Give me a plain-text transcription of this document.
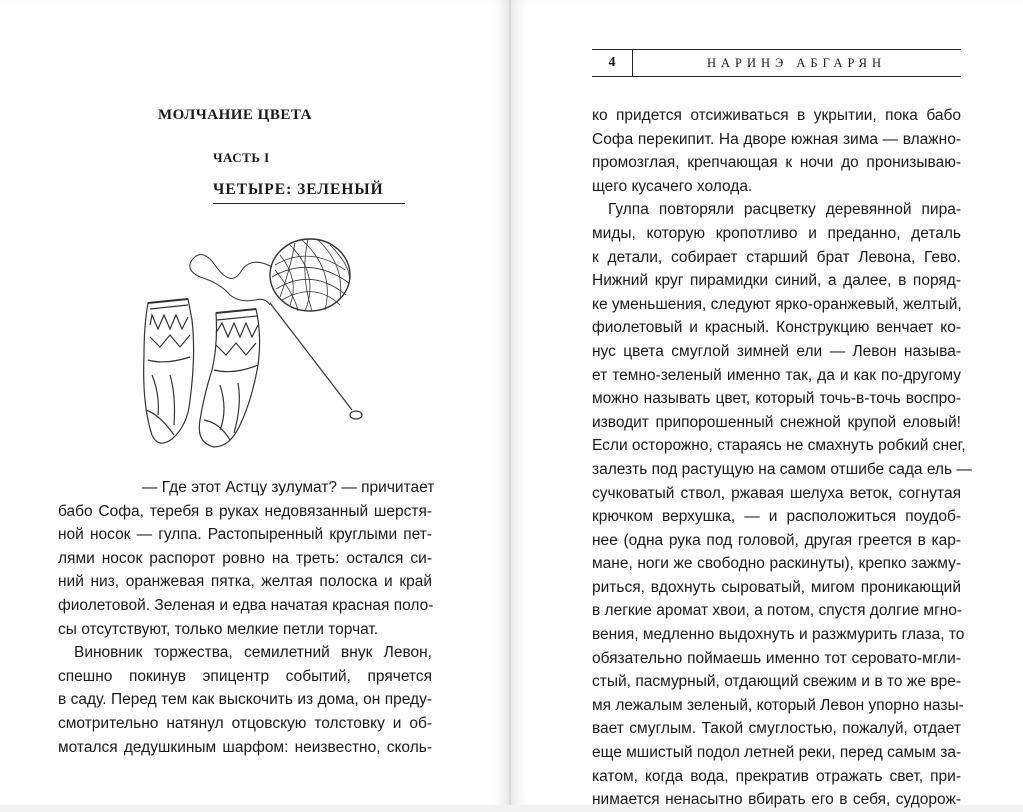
МОЛЧАНИЕ ЦВЕТА
ЧАСТЬ I
ЧЕТЫРЕ: ЗЕЛЕНЫЙ
— Где этот Астцу зулумат? — причитает
бабо Софа, теребя в руках недовязанный шерстя-
ной носок — гулпа. Растопыренный круглыми пет-
лями носок распорот ровно на треть: остался си-
ний низ, оранжевая пятка, желтая полоска и край
фиолетовой. Зеленая и едва начатая красная поло-
сы отсутствуют, только мелкие петли торчат.
Виновник торжества, семилетний внук Левон,
спешно покинув эпицентр событий, прячется
в саду. Перед тем как выскочить из дома, он преду-
смотрительно натянул отцовскую толстовку и об-
мотался дедушкиным шарфом: неизвестно, сколь-
4	НАРИНЭ АБГАРЯН
ко придется отсиживаться в укрытии, пока бабо
Софа перекипит. На дворе южная зима — влажно-
промозглая, крепчающая к ночи до пронизываю-
щего кусачего холода.
Гулпа повторяли расцветку деревянной пира-
миды, которую кропотливо и преданно, деталь
к детали, собирает старший брат Левона, Гево.
Нижний круг пирамидки синий, а далее, в поряд-
ке уменьшения, следуют ярко-оранжевый, желтый,
фиолетовый и красный. Конструкцию венчает ко-
нус цвета смуглой зимней ели — Левон называ-
ет темно-зеленый именно так, да и как по-другому
можно называть цвет, который точь-в-точь воспро-
изводит припорошенный снежной крупой еловый!
Если осторожно, стараясь не смахнуть робкий снег,
залезть под растущую на самом отшибе сада ель —
сучковатый ствол, ржавая шелуха веток, согнутая
крючком верхушка, — и расположиться поудоб-
нее (одна рука под головой, другая греется в кар-
мане, ноги же свободно раскинуты), крепко зажму-
риться, вдохнуть сыроватый, мигом проникающий
в легкие аромат хвои, а потом, спустя долгие мгно-
вения, медленно выдохнуть и разжмурить глаза, то
обязательно поймаешь именно тот серовато-мгли-
стый, пасмурный, отдающий свежим и в то же вре-
мя лежалым зеленый, который Левон упорно назы-
вает смуглым. Такой смуглостью, пожалуй, отдает
еще мшистый подол летней реки, перед самым за-
катом, когда вода, прекратив отражать свет, при-
нимается ненасытно вбирать его в себя, судорож-
